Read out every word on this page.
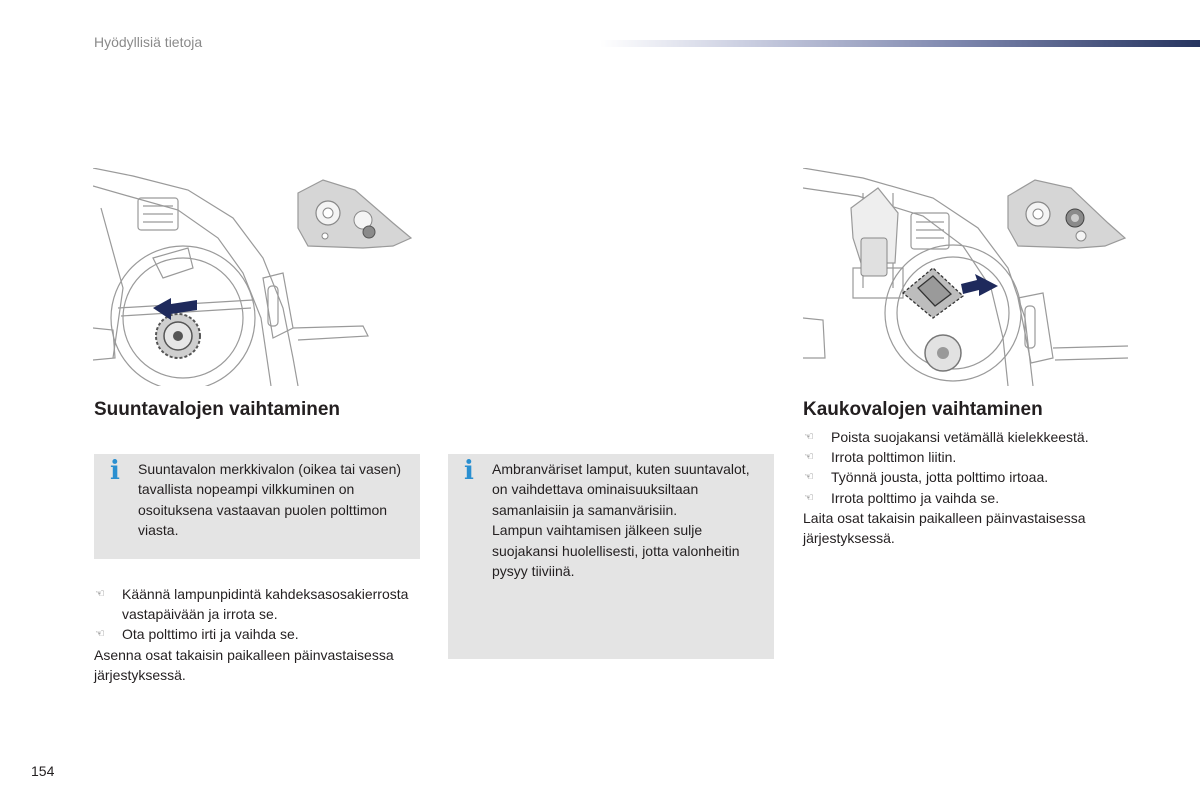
Hyödyllisiä tietoja
Suuntavalojen vaihtaminen	Kaukovalojen vaihtaminen
i Suuntavalon merkkivalon (oikea tai vasen) tavallista nopeampi vilkkuminen on osoituksena vastaavan puolen polttimon viasta.
i Ambranväriset lamput, kuten suuntavalot, on vaihdettava ominaisuuksiltaan samanlaisiin ja samanvärisiin.

Lampun vaihtamisen jälkeen sulje suojakansi huolellisesti, jotta valonheitin pysyy tiiviinä.

☜ Käännä lampunpidintä kahdeksasosakierrosta vastapäivään ja irrota se.
☜ Ota polttimo irti ja vaihda se.

Asenna osat takaisin paikalleen päinvastaisessa järjestyksessä.

☜ Poista suojakansi vetämällä kielekkeestä.
☜ Irrota polttimon liitin.
☜ Työnnä jousta, jotta polttimo irtoaa.
☜ Irrota polttimo ja vaihda se.

Laita osat takaisin paikalleen päinvastaisessa järjestyksessä.

154
